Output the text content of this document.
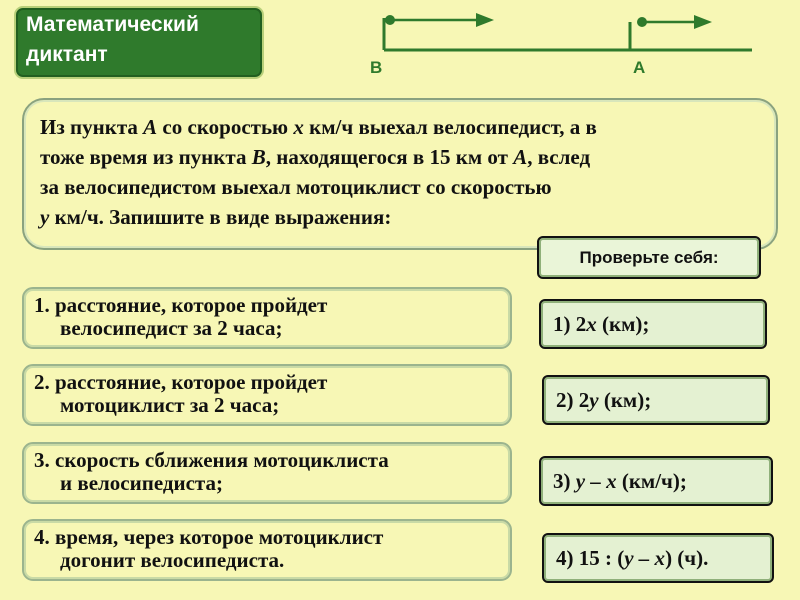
Математический
диктант
B	A
Из пункта A со скоростью x км/ч выехал велосипедист, а в
тоже время из пункта B, находящегося в 15 км от A, вслед
за велосипедистом выехал мотоциклист со скоростью
y км/ч. Запишите в виде выражения:
Проверьте себя:
1. расстояние, которое пройдет
велосипедист за 2 часа;
2. расстояние, которое пройдет
мотоциклист за 2 часа;
3. скорость сближения мотоциклиста
и велосипедиста;
4. время, через которое мотоциклист
догонит велосипедиста.
1) 2x (км);
2) 2y (км);
3) y – x (км/ч);
4) 15 : (y – x) (ч).
